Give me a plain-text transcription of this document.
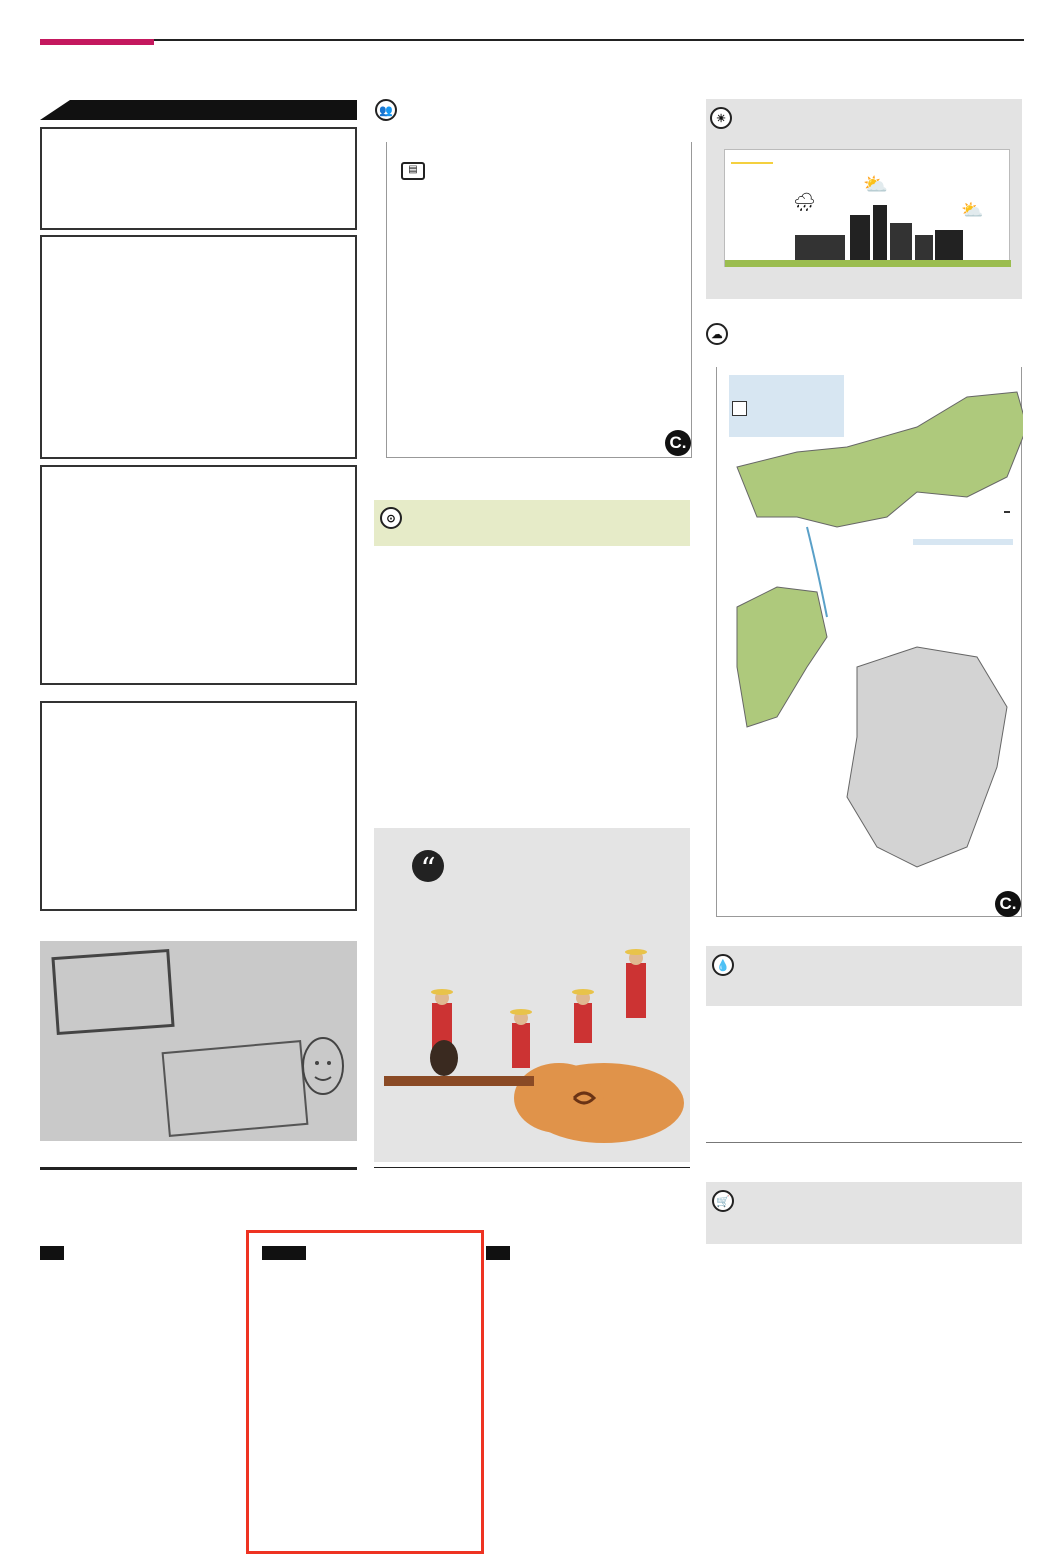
👥
▤
C.
⊙

“
☀
🌧
⛅
⛅
☁
C.
💧
🛒
